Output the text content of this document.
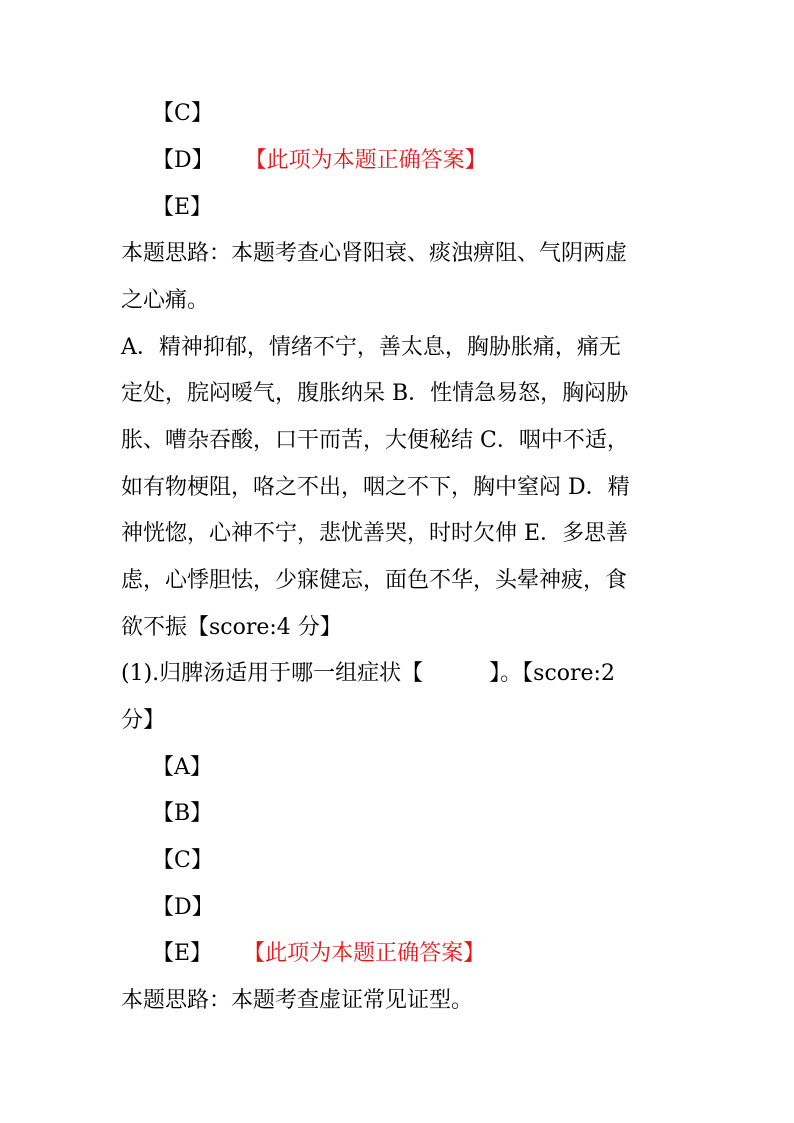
【C】
【D】 【此项为本题正确答案】
【E】
本题思路：本题考查心肾阳衰、痰浊痹阻、气阴两虚
之心痛。
A．精神抑郁，情绪不宁，善太息，胸胁胀痛，痛无
定处，脘闷嗳气，腹胀纳呆 B．性情急易怒，胸闷胁
胀、嘈杂吞酸，口干而苦，大便秘结 C．咽中不适，
如有物梗阻，咯之不出，咽之不下，胸中窒闷 D．精
神恍惚，心神不宁，悲忧善哭，时时欠伸 E．多思善
虑，心悸胆怯，少寐健忘，面色不华，头晕神疲，食
欲不振【score:4 分】
(1).归脾汤适用于哪一组症状【　　　】。【score:2
分】
【A】
【B】
【C】
【D】
【E】 【此项为本题正确答案】
本题思路：本题考查虚证常见证型。
